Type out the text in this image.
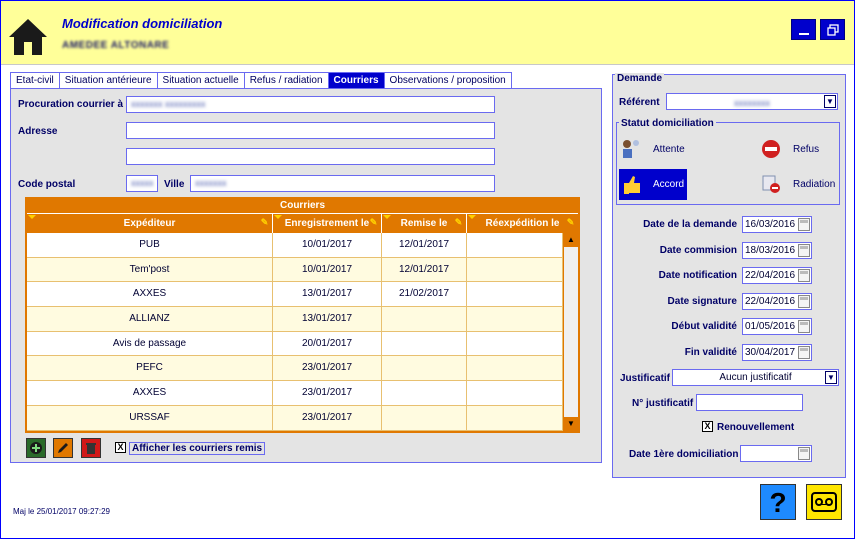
Modification domiciliation
AMEDEE ALTONARE
Etat-civil	Situation antérieure	Situation actuelle	Refus / radiation	Courriers	Observations / proposition
Procuration courrier à xxxxxxx xxxxxxxxx
Adresse
Code postal	xxxxx	Ville	xxxxxxx
Courriers
Expéditeur	✎	Enregistrement le ✎	Remise le ✎	Réexpédition le ✎
PUB	10/01/2017	12/01/2017
Tem'post	10/01/2017	12/01/2017
AXXES	13/01/2017	21/02/2017
ALLIANZ	13/01/2017
Avis de passage	20/01/2017
PEFC	23/01/2017
AXXES	23/01/2017
URSSAF	23/01/2017
▲
▼
X Afficher les courriers remis
Demande
Référent	xxxxxxxx	▼
Statut domiciliation
Attente	Refus
Accord	Radiation
Date de la demande 16/03/2016
Date commision 18/03/2016
Date notification 22/04/2016
Date signature 22/04/2016
Début validité 01/05/2016
Fin validité 30/04/2017
Justificatif	Aucun justificatif	▼
N° justificatif
X Renouvellement
Date 1ère domiciliation
?
Maj le 25/01/2017 09:27:29
